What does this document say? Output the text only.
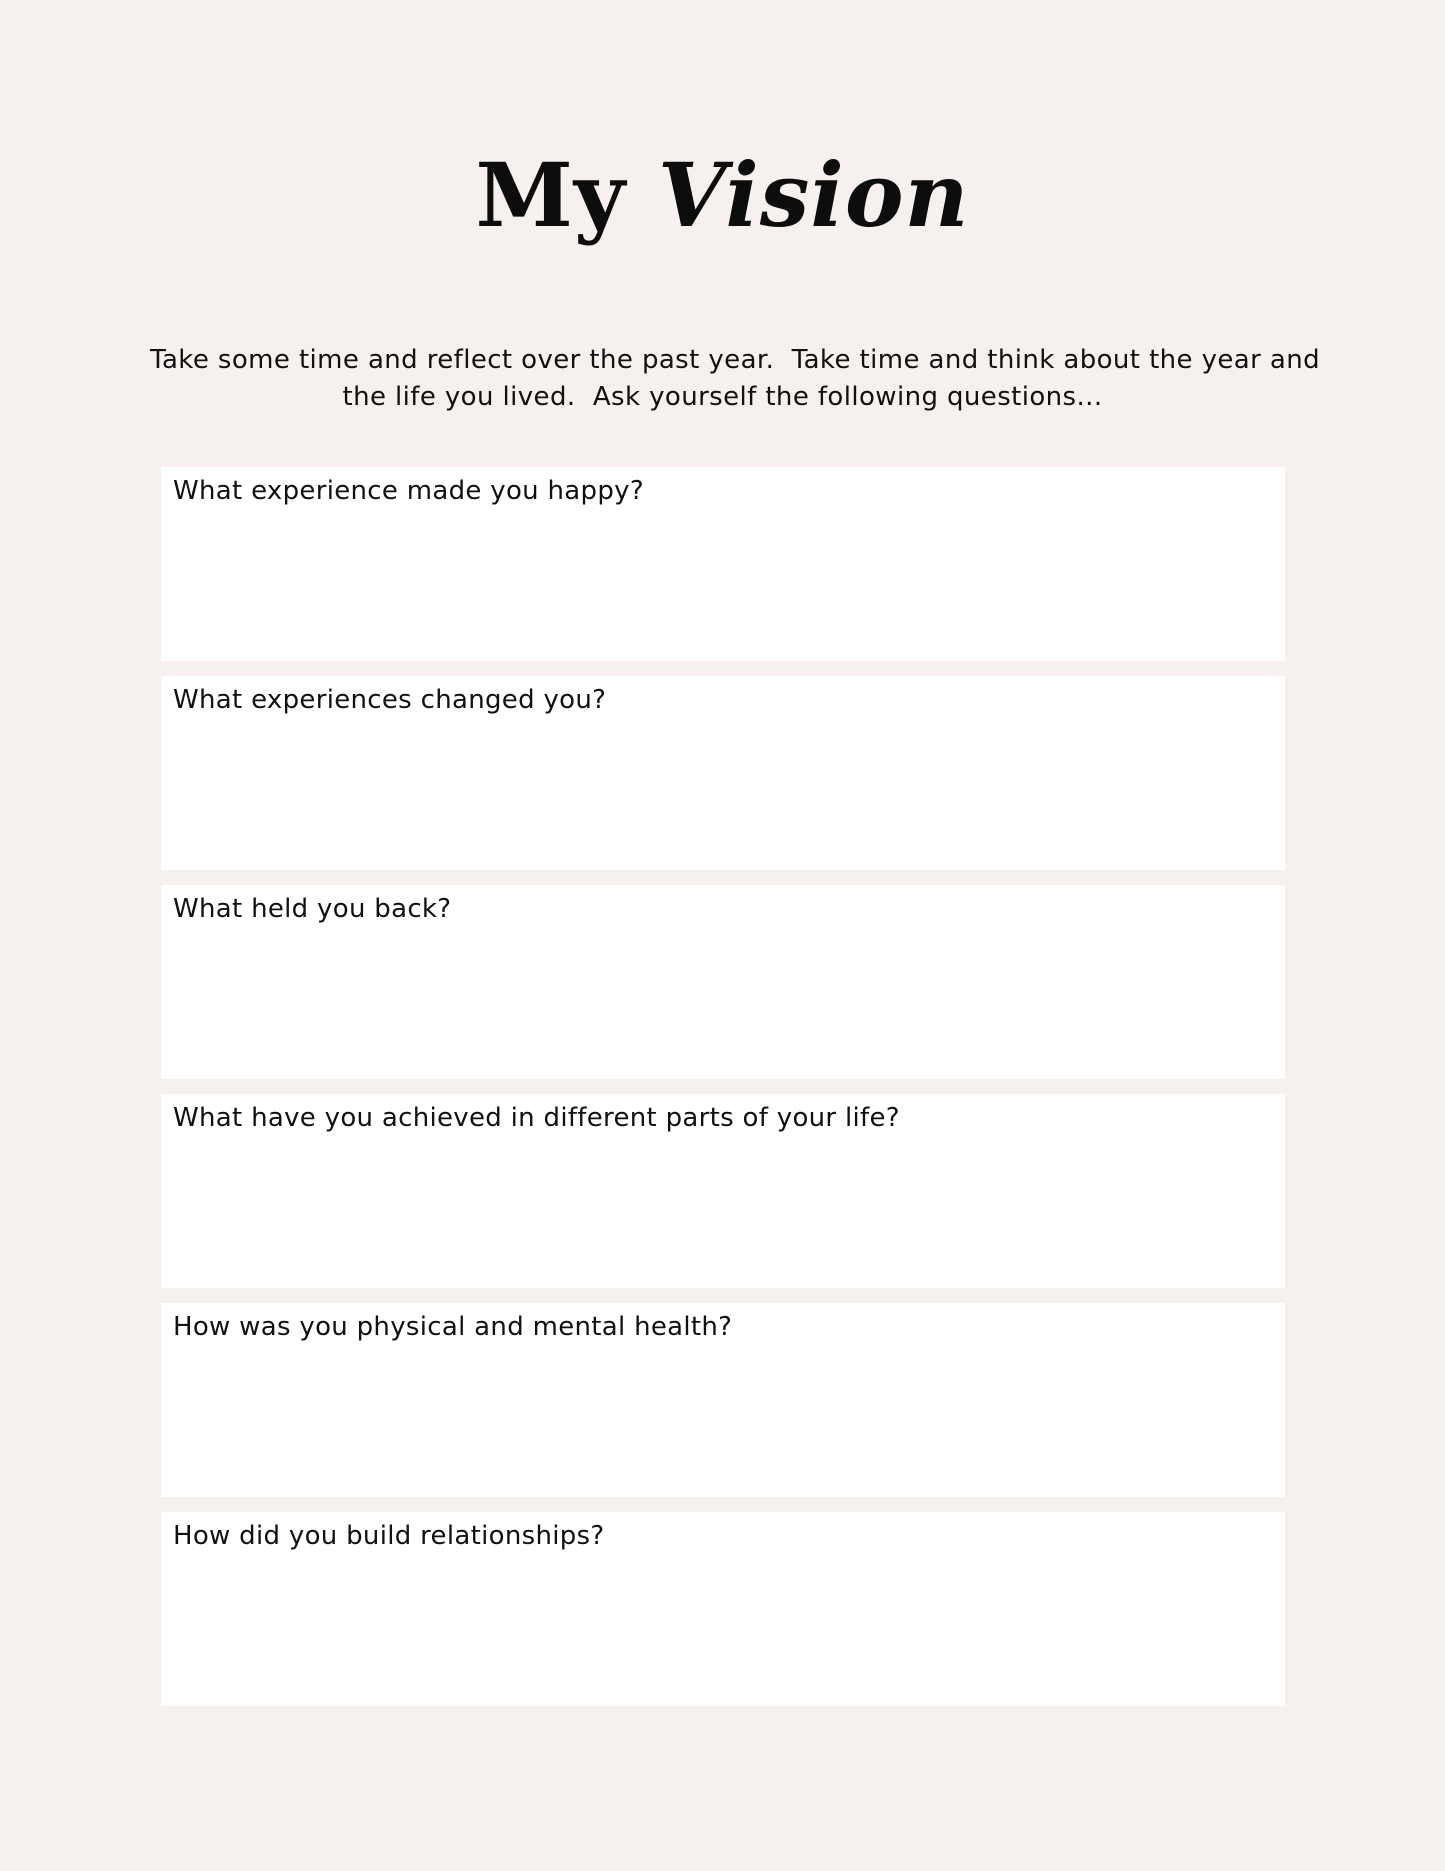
My Vision
Take some time and reflect over the past year.  Take time and think about the year and
the life you lived.  Ask yourself the following questions...
What experience made you happy?
What experiences changed you?
What held you back?
What have you achieved in different parts of your life?
How was you physical and mental health?
How did you build relationships?
